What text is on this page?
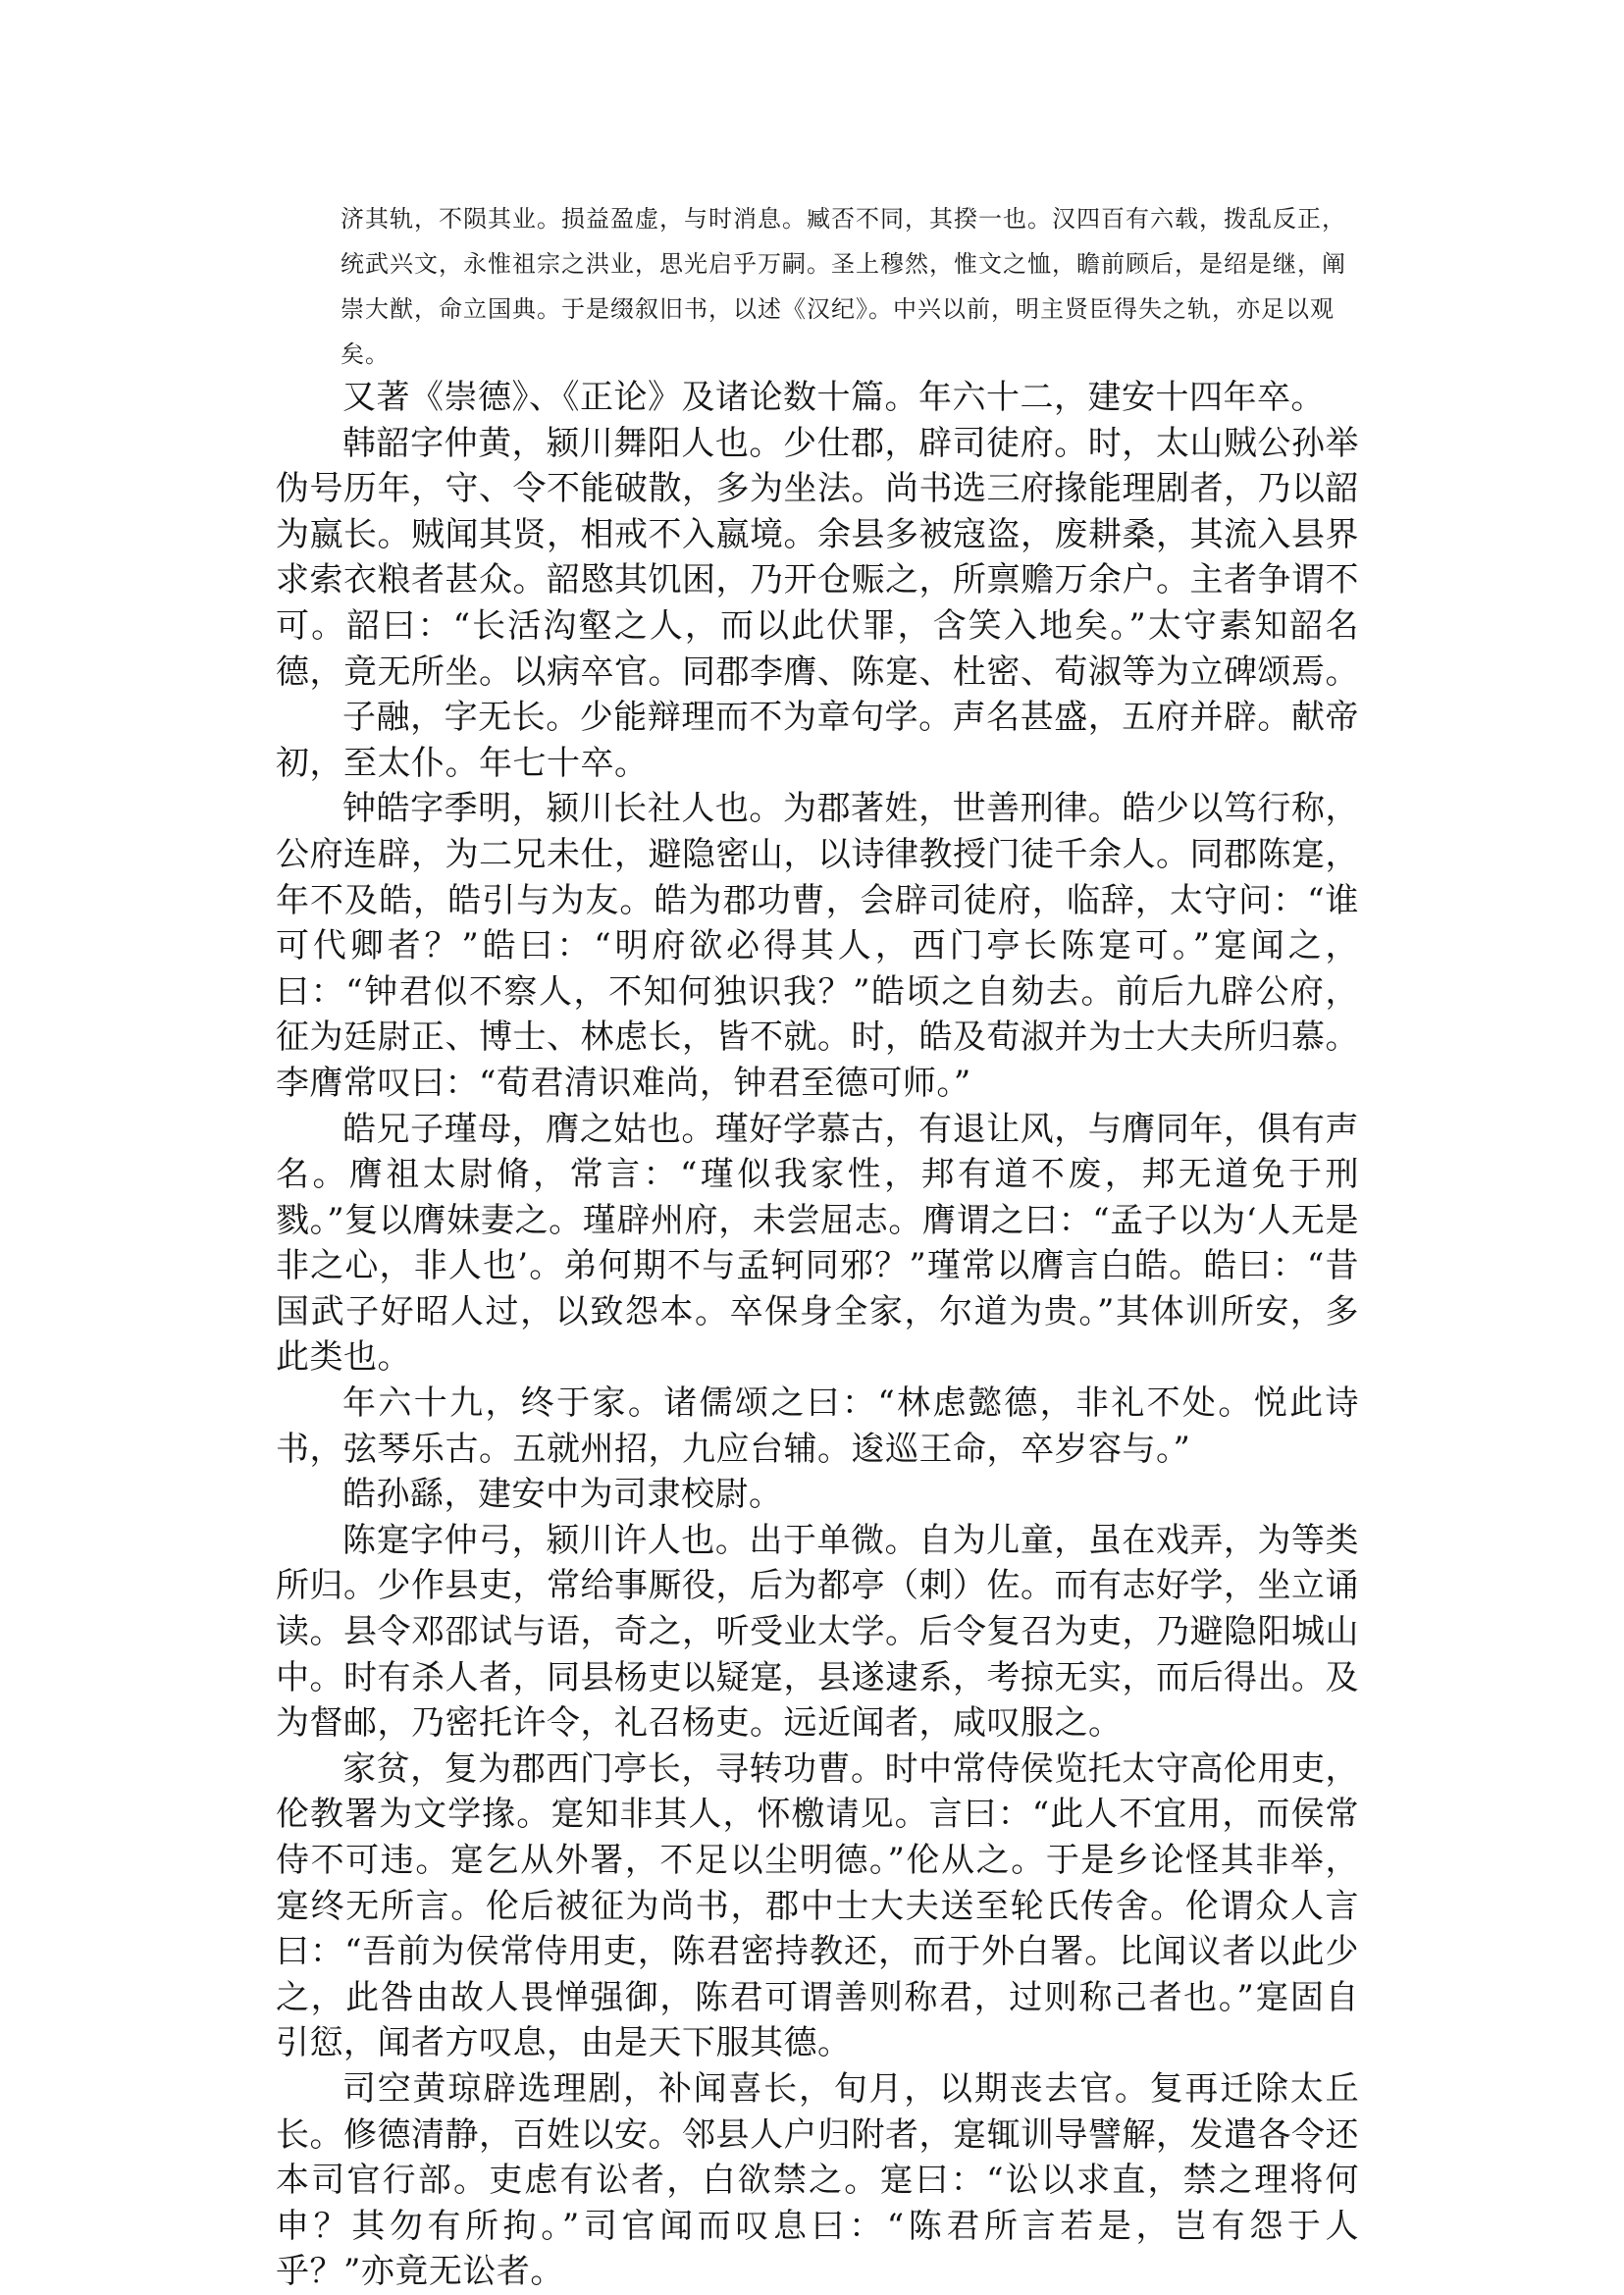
济其轨，不陨其业。损益盈虚，与时消息。臧否不同，其揆一也。汉四百有六载，拨乱反正，统武兴文，永惟祖宗之洪业，思光启乎万嗣。圣上穆然，惟文之恤，瞻前顾后，是绍是继，阐崇大猷，命立国典。于是缀叙旧书，以述《汉纪》。中兴以前，明主贤臣得失之轨，亦足以观矣。

又著《崇德》、《正论》及诸论数十篇。年六十二，建安十四年卒。

韩韶字仲黄，颍川舞阳人也。少仕郡，辟司徒府。时，太山贼公孙举伪号历年，守、令不能破散，多为坐法。尚书选三府掾能理剧者，乃以韶为嬴长。贼闻其贤，相戒不入嬴境。余县多被寇盗，废耕桑，其流入县界求索衣粮者甚众。韶愍其饥困，乃开仓赈之，所禀赡万余户。主者争谓不可。韶曰：“长活沟壑之人，而以此伏罪，含笑入地矣。”太守素知韶名德，竟无所坐。以病卒官。同郡李膺、陈寔、杜密、荀淑等为立碑颂焉。

子融，字无长。少能辩理而不为章句学。声名甚盛，五府并辟。献帝初，至太仆。年七十卒。

钟皓字季明，颍川长社人也。为郡著姓，世善刑律。皓少以笃行称，公府连辟，为二兄未仕，避隐密山，以诗律教授门徒千余人。同郡陈寔，年不及皓，皓引与为友。皓为郡功曹，会辟司徒府，临辞，太守问：“谁可代卿者？”皓曰：“明府欲必得其人，西门亭长陈寔可。”寔闻之，曰：“钟君似不察人，不知何独识我？”皓顷之自劾去。前后九辟公府，征为廷尉正、博士、林虑长，皆不就。时，皓及荀淑并为士大夫所归慕。李膺常叹曰：“荀君清识难尚，钟君至德可师。”

皓兄子瑾母，膺之姑也。瑾好学慕古，有退让风，与膺同年，俱有声名。膺祖太尉脩，常言：“瑾似我家性，邦有道不废，邦无道免于刑戮。”复以膺妹妻之。瑾辟州府，未尝屈志。膺谓之曰：“孟子以为‘人无是非之心，非人也’。弟何期不与孟轲同邪？”瑾常以膺言白皓。皓曰：“昔国武子好昭人过，以致怨本。卒保身全家，尔道为贵。”其体训所安，多此类也。

年六十九，终于家。诸儒颂之曰：“林虑懿德，非礼不处。悦此诗书，弦琴乐古。五就州招，九应台辅。逡巡王命，卒岁容与。”

皓孙繇，建安中为司隶校尉。

陈寔字仲弓，颍川许人也。出于单微。自为儿童，虽在戏弄，为等类所归。少作县吏，常给事厮役，后为都亭（刺）佐。而有志好学，坐立诵读。县令邓邵试与语，奇之，听受业太学。后令复召为吏，乃避隐阳城山中。时有杀人者，同县杨吏以疑寔，县遂逮系，考掠无实，而后得出。及为督邮，乃密托许令，礼召杨吏。远近闻者，咸叹服之。

家贫，复为郡西门亭长，寻转功曹。时中常侍侯览托太守高伦用吏，伦教署为文学掾。寔知非其人，怀檄请见。言曰：“此人不宜用，而侯常侍不可违。寔乞从外署，不足以尘明德。”伦从之。于是乡论怪其非举，寔终无所言。伦后被征为尚书，郡中士大夫送至轮氏传舍。伦谓众人言曰：“吾前为侯常侍用吏，陈君密持教还，而于外白署。比闻议者以此少之，此咎由故人畏惮强御，陈君可谓善则称君，过则称己者也。”寔固自引愆，闻者方叹息，由是天下服其德。

司空黄琼辟选理剧，补闻喜长，旬月，以期丧去官。复再迁除太丘长。修德清静，百姓以安。邻县人户归附者，寔辄训导譬解，发遣各令还本司官行部。吏虑有讼者，白欲禁之。寔曰：“讼以求直，禁之理将何申？其勿有所拘。”司官闻而叹息曰：“陈君所言若是，岂有怨于人乎？”亦竟无讼者。
